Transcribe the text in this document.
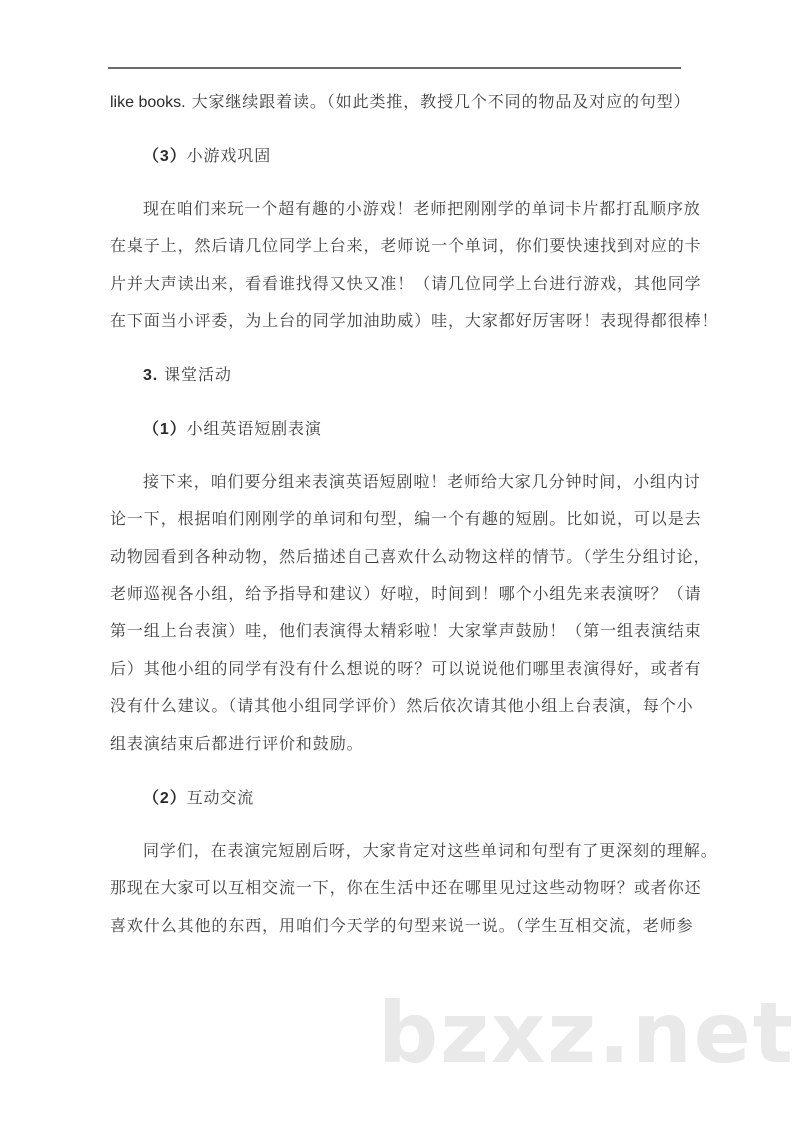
like books. 大家继续跟着读。（如此类推，教授几个不同的物品及对应的句型）
（3）小游戏巩固
现在咱们来玩一个超有趣的小游戏！老师把刚刚学的单词卡片都打乱顺序放
在桌子上，然后请几位同学上台来，老师说一个单词，你们要快速找到对应的卡
片并大声读出来，看看谁找得又快又准！（请几位同学上台进行游戏，其他同学
在下面当小评委，为上台的同学加油助威）哇，大家都好厉害呀！表现得都很棒！
3. 课堂活动
（1）小组英语短剧表演
接下来，咱们要分组来表演英语短剧啦！老师给大家几分钟时间，小组内讨
论一下，根据咱们刚刚学的单词和句型，编一个有趣的短剧。比如说，可以是去
动物园看到各种动物，然后描述自己喜欢什么动物这样的情节。（学生分组讨论，
老师巡视各小组，给予指导和建议）好啦，时间到！哪个小组先来表演呀？（请
第一组上台表演）哇，他们表演得太精彩啦！大家掌声鼓励！（第一组表演结束
后）其他小组的同学有没有什么想说的呀？可以说说他们哪里表演得好，或者有
没有什么建议。（请其他小组同学评价）然后依次请其他小组上台表演，每个小
组表演结束后都进行评价和鼓励。
（2）互动交流
同学们，在表演完短剧后呀，大家肯定对这些单词和句型有了更深刻的理解。
那现在大家可以互相交流一下，你在生活中还在哪里见过这些动物呀？或者你还
喜欢什么其他的东西，用咱们今天学的句型来说一说。（学生互相交流，老师参
bzxz.net
